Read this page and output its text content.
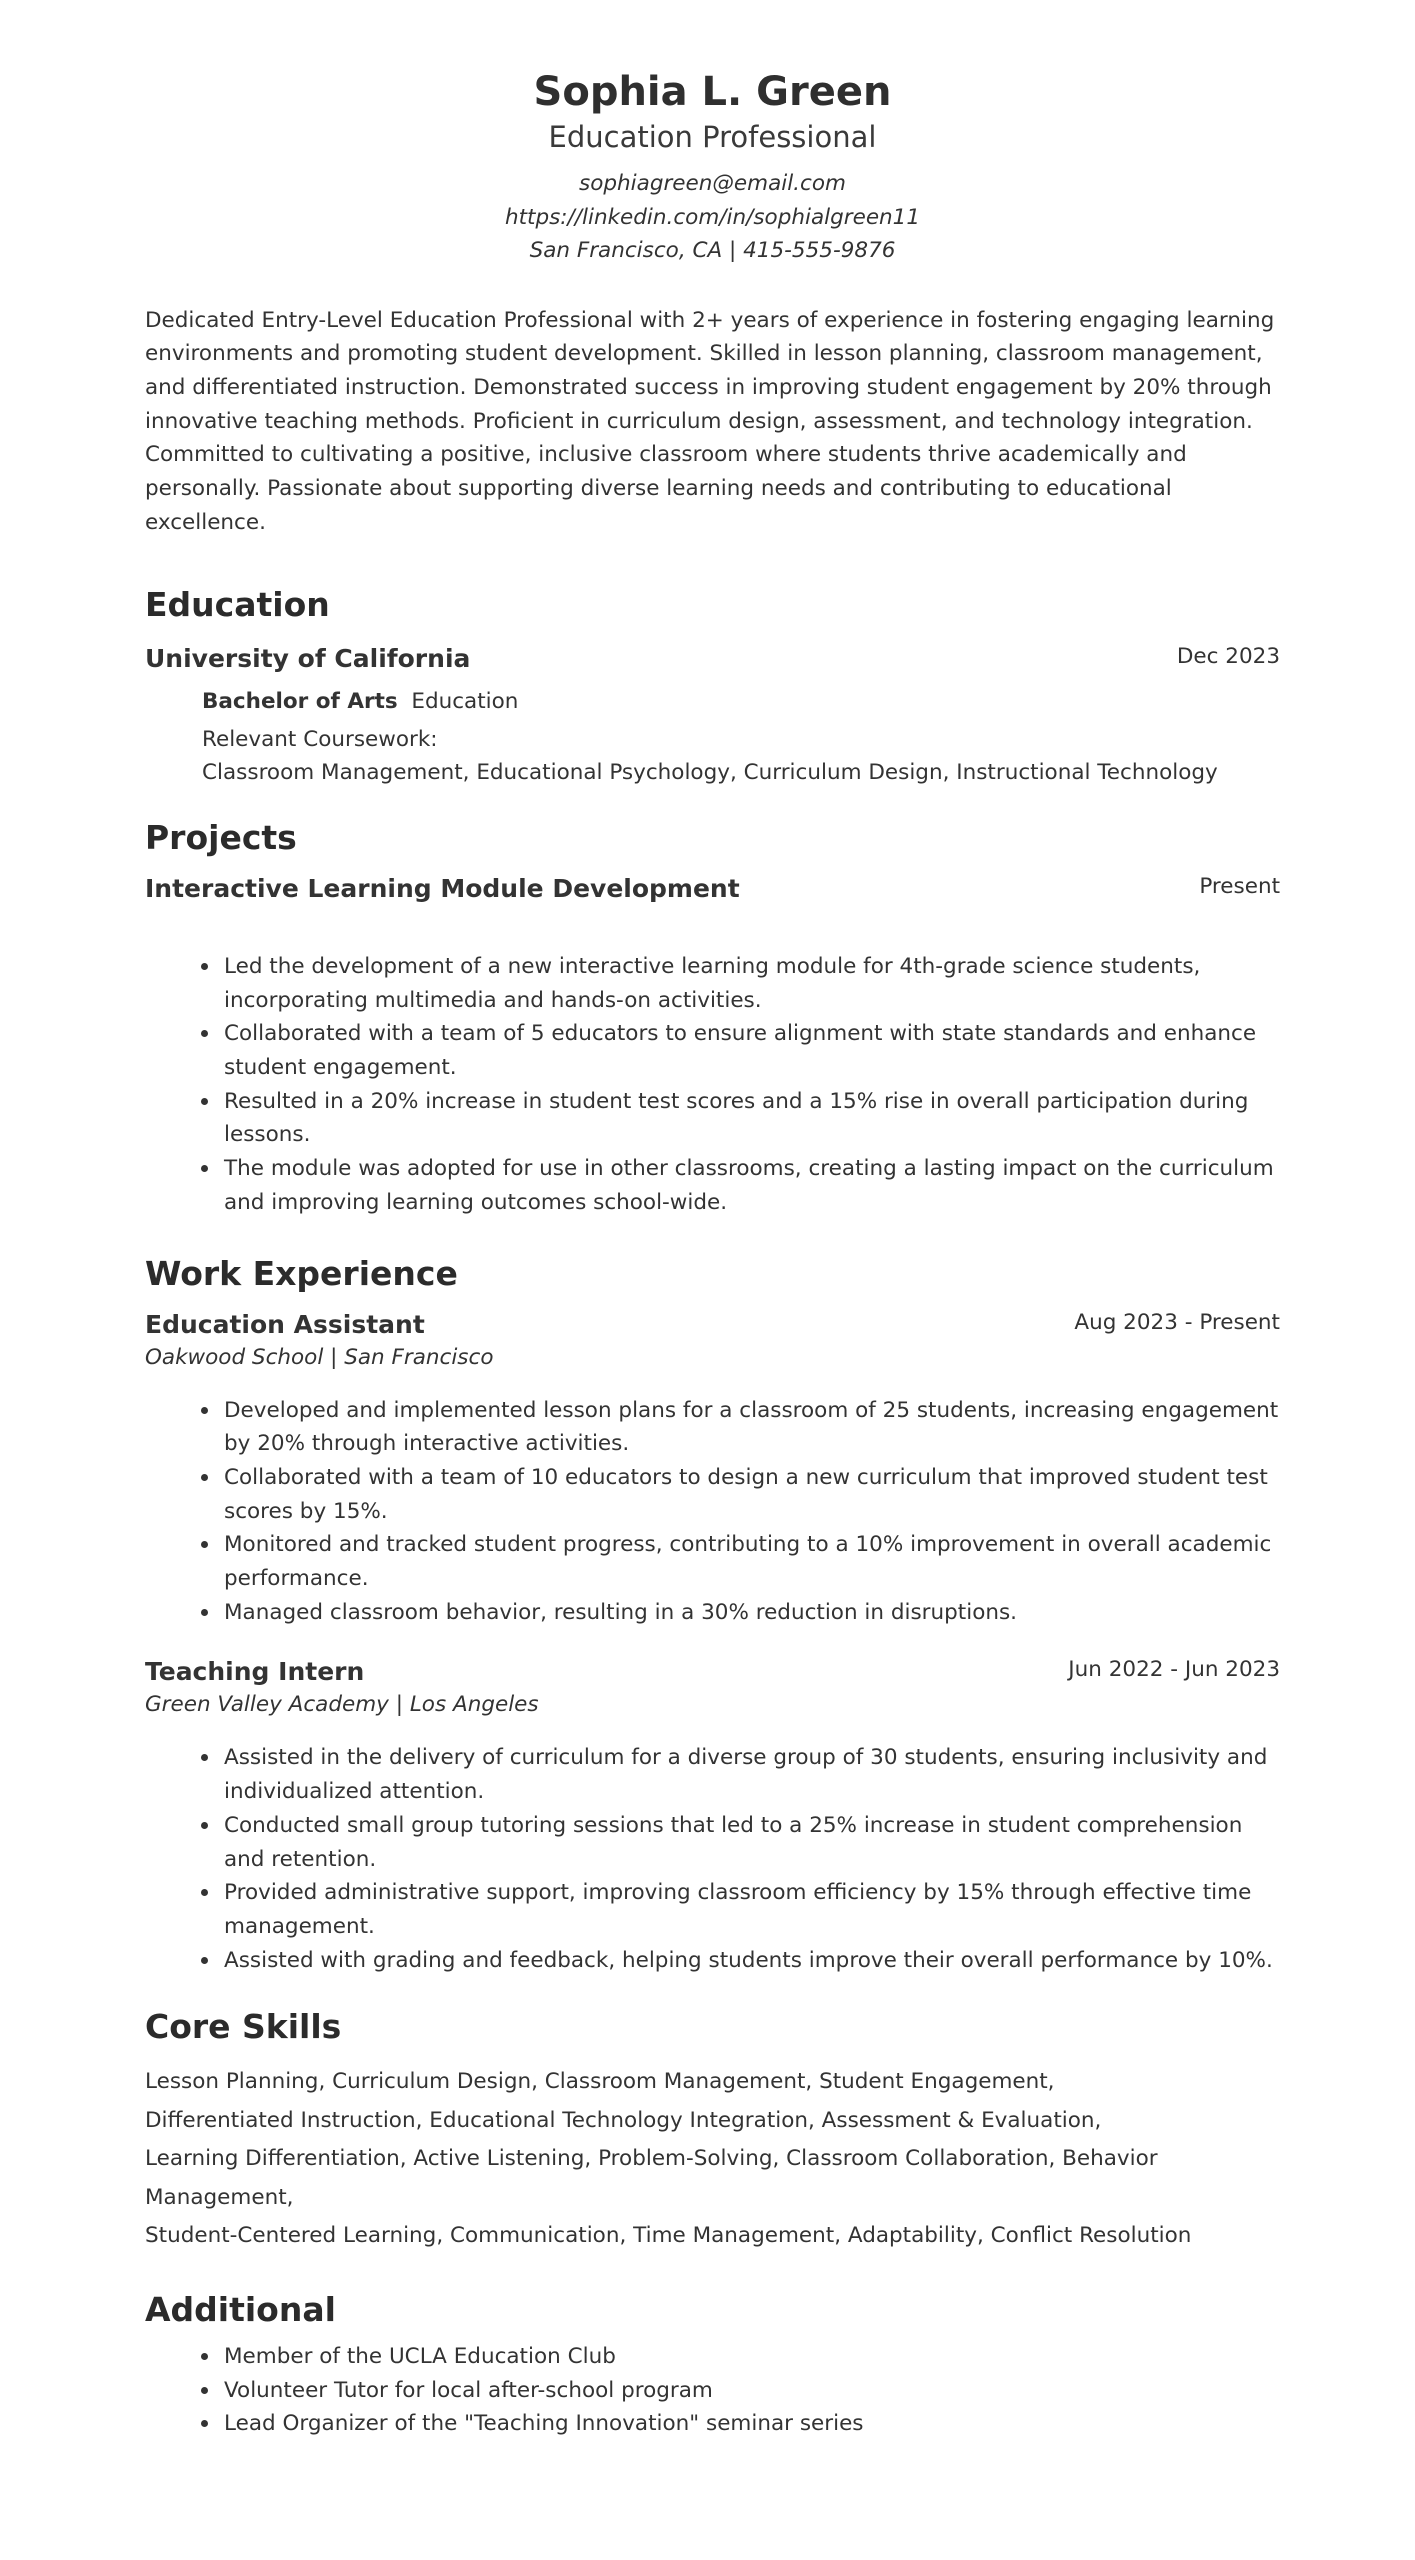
Sophia L. Green
Education Professional
sophiagreen@email.com
https://linkedin.com/in/sophialgreen11
San Francisco, CA | 415-555-9876
Dedicated Entry-Level Education Professional with 2+ years of experience in fostering engaging learning environments and promoting student development. Skilled in lesson planning, classroom management, and differentiated instruction. Demonstrated success in improving student engagement by 20% through innovative teaching methods. Proficient in curriculum design, assessment, and technology integration. Committed to cultivating a positive, inclusive classroom where students thrive academically and personally. Passionate about supporting diverse learning needs and contributing to educational excellence.
Education
University of California	Dec 2023
Bachelor of Arts Education
Relevant Coursework:
Classroom Management, Educational Psychology, Curriculum Design, Instructional Technology
Projects
Interactive Learning Module Development	Present
Led the development of a new interactive learning module for 4th-grade science students, incorporating multimedia and hands-on activities.
Collaborated with a team of 5 educators to ensure alignment with state standards and enhance student engagement.
Resulted in a 20% increase in student test scores and a 15% rise in overall participation during lessons.
The module was adopted for use in other classrooms, creating a lasting impact on the curriculum and improving learning outcomes school-wide.
Work Experience
Education Assistant	Aug 2023 - Present
Oakwood School | San Francisco
Developed and implemented lesson plans for a classroom of 25 students, increasing engagement by 20% through interactive activities.
Collaborated with a team of 10 educators to design a new curriculum that improved student test scores by 15%.
Monitored and tracked student progress, contributing to a 10% improvement in overall academic performance.
Managed classroom behavior, resulting in a 30% reduction in disruptions.
Teaching Intern	Jun 2022 - Jun 2023
Green Valley Academy | Los Angeles
Assisted in the delivery of curriculum for a diverse group of 30 students, ensuring inclusivity and individualized attention.
Conducted small group tutoring sessions that led to a 25% increase in student comprehension and retention.
Provided administrative support, improving classroom efficiency by 15% through effective time management.
Assisted with grading and feedback, helping students improve their overall performance by 10%.
Core Skills
Lesson Planning, Curriculum Design, Classroom Management, Student Engagement,
Differentiated Instruction, Educational Technology Integration, Assessment & Evaluation,
Learning Differentiation, Active Listening, Problem-Solving, Classroom Collaboration, Behavior Management,
Student-Centered Learning, Communication, Time Management, Adaptability, Conflict Resolution
Additional
Member of the UCLA Education Club
Volunteer Tutor for local after-school program
Lead Organizer of the "Teaching Innovation" seminar series
